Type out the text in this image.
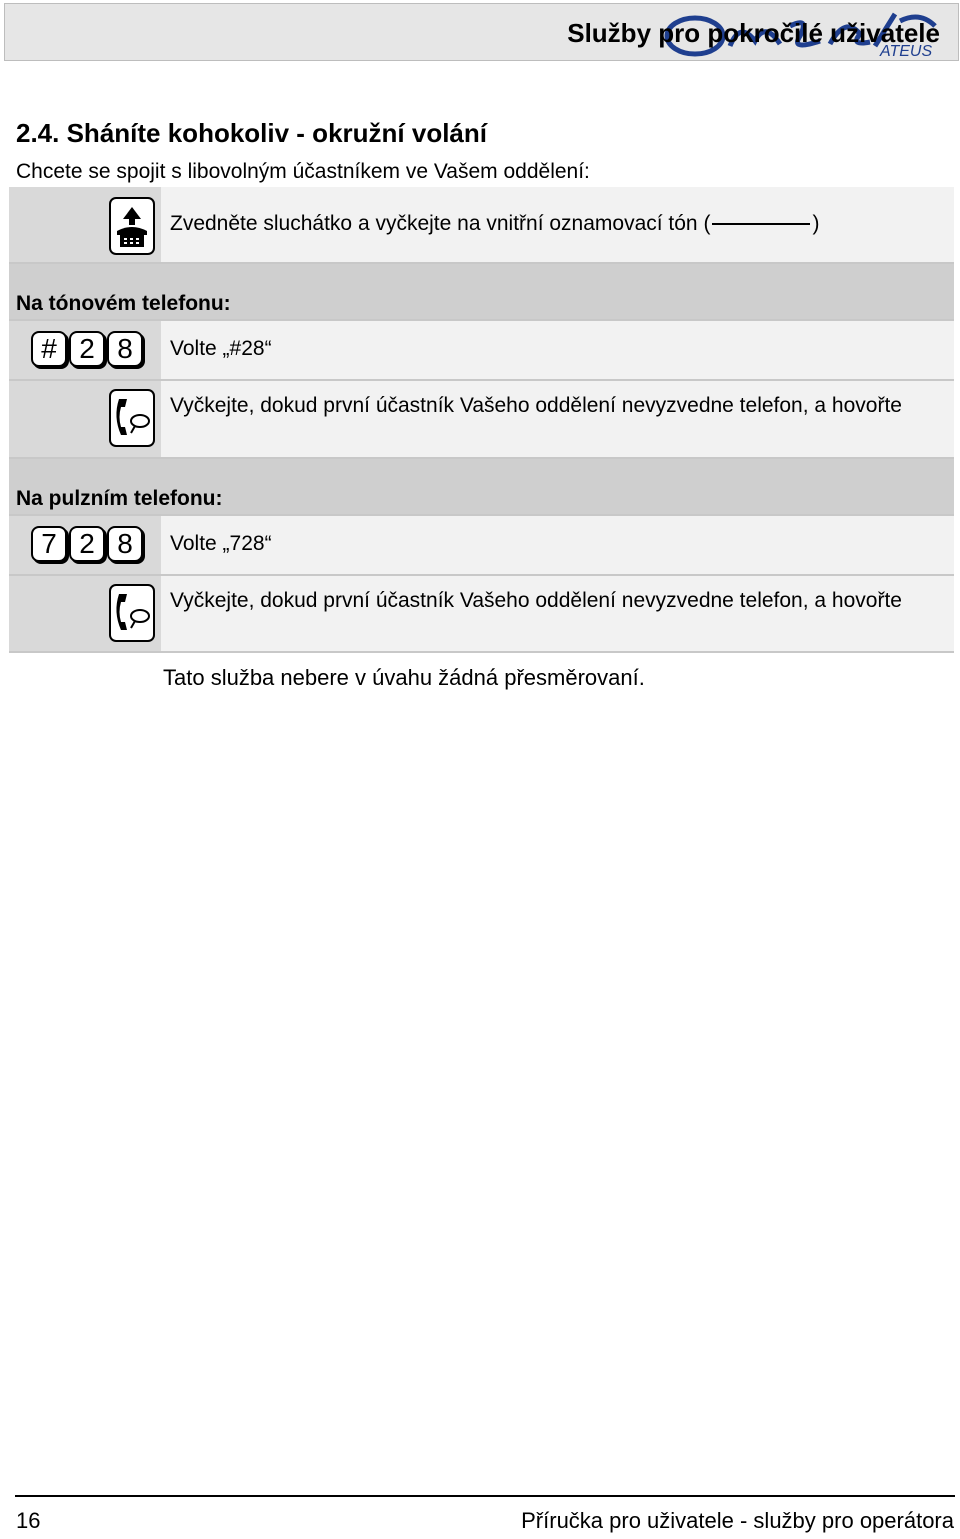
ATEUS
Služby pro pokročilé uživatele
2.4. Sháníte kohokoliv - okružní volání
Chcete se spojit s libovolným účastníkem ve Vašem oddělení:
Zvedněte sluchátko a vyčkejte na vnitřní oznamovací tón (	)
Na tónovém telefonu:
# 2 8	Volte „#28“
Vyčkejte, dokud první účastník Vašeho oddělení nevyzvedne telefon, a hovořte
Na pulzním telefonu:
7 2 8	Volte „728“
Vyčkejte, dokud první účastník Vašeho oddělení nevyzvedne telefon, a hovořte
Tato služba nebere v úvahu žádná přesměrovaní.
16	Příručka pro uživatele - služby pro operátora
